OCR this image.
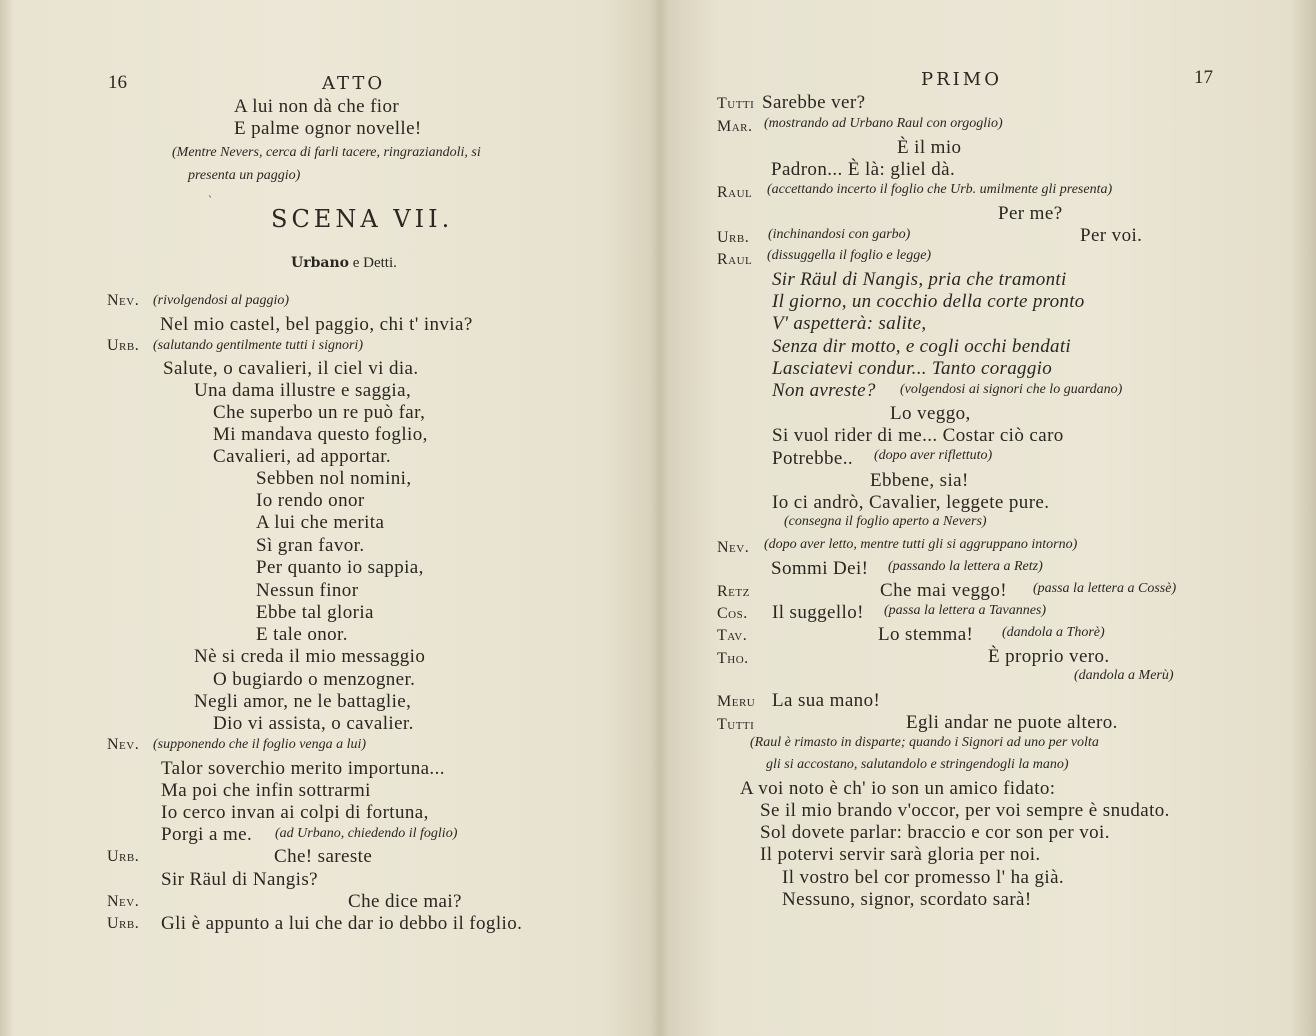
16	ATTO
A lui non dà che fior
E palme ognor novelle!
(Mentre Nevers, cerca di farli tacere, ringraziandoli, si
presenta un paggio)
`
SCENA VII.
Urbano e Detti.
Nev. (rivolgendosi al paggio)
Nel mio castel, bel paggio, chi t' invia?
Urb. (salutando gentilmente tutti i signori)
Salute, o cavalieri, il ciel vi dia.
Una dama illustre e saggia,
Che superbo un re può far,
Mi mandava questo foglio,
Cavalieri, ad apportar.
Sebben nol nomini,
Io rendo onor
A lui che merita
Sì gran favor.
Per quanto io sappia,
Nessun finor
Ebbe tal gloria
E tale onor.
Nè si creda il mio messaggio
O bugiardo o menzogner.
Negli amor, ne le battaglie,
Dio vi assista, o cavalier.
Nev. (supponendo che il foglio venga a lui)
Talor soverchio merito importuna...
Ma poi che infin sottrarmi
Io cerco invan ai colpi di fortuna,
Porgi a me. (ad Urbano, chiedendo il foglio)
Urb.	Che! sareste
Sir Räul di Nangis?
Nev.	Che dice mai?
Urb. Gli è appunto a lui che dar io debbo il foglio.
PRIMO	17
Tutti Sarebbe ver?
Mar. (mostrando ad Urbano Raul con orgoglio)
È il mio
Padron... È là: gliel dà.
Raul (accettando incerto il foglio che Urb. umilmente gli presenta)
Per me?
Urb. (inchinandosi con garbo)	Per voi.
Raul (dissuggella il foglio e legge)
Sir Räul di Nangis, pria che tramonti
Il giorno, un cocchio della corte pronto
V' aspetterà: salite,
Senza dir motto, e cogli occhi bendati
Lasciatevi condur... Tanto coraggio
Non avreste? (volgendosi ai signori che lo guardano)
Lo veggo,
Si vuol rider di me... Costar ciò caro
Potrebbe.. (dopo aver riflettuto)
Ebbene, sia!
Io ci andrò, Cavalier, leggete pure.
(consegna il foglio aperto a Nevers)
Nev. (dopo aver letto, mentre tutti gli si aggruppano intorno)
Sommi Dei! (passando la lettera a Retz)
Retz	Che mai veggo! (passa la lettera a Cossè)
Cos. Il suggello! (passa la lettera a Tavannes)
Tav.	Lo stemma! (dandola a Thorè)
Tho.	È proprio vero.
(dandola a Merù)
Meru La sua mano!
Tutti	Egli andar ne puote altero.
(Raul è rimasto in disparte; quando i Signori ad uno per volta
gli si accostano, salutandolo e stringendogli la mano)
A voi noto è ch' io son un amico fidato:
Se il mio brando v'occor, per voi sempre è snudato.
Sol dovete parlar: braccio e cor son per voi.
Il potervi servir sarà gloria per noi.
Il vostro bel cor promesso l' ha già.
Nessuno, signor, scordato sarà!
